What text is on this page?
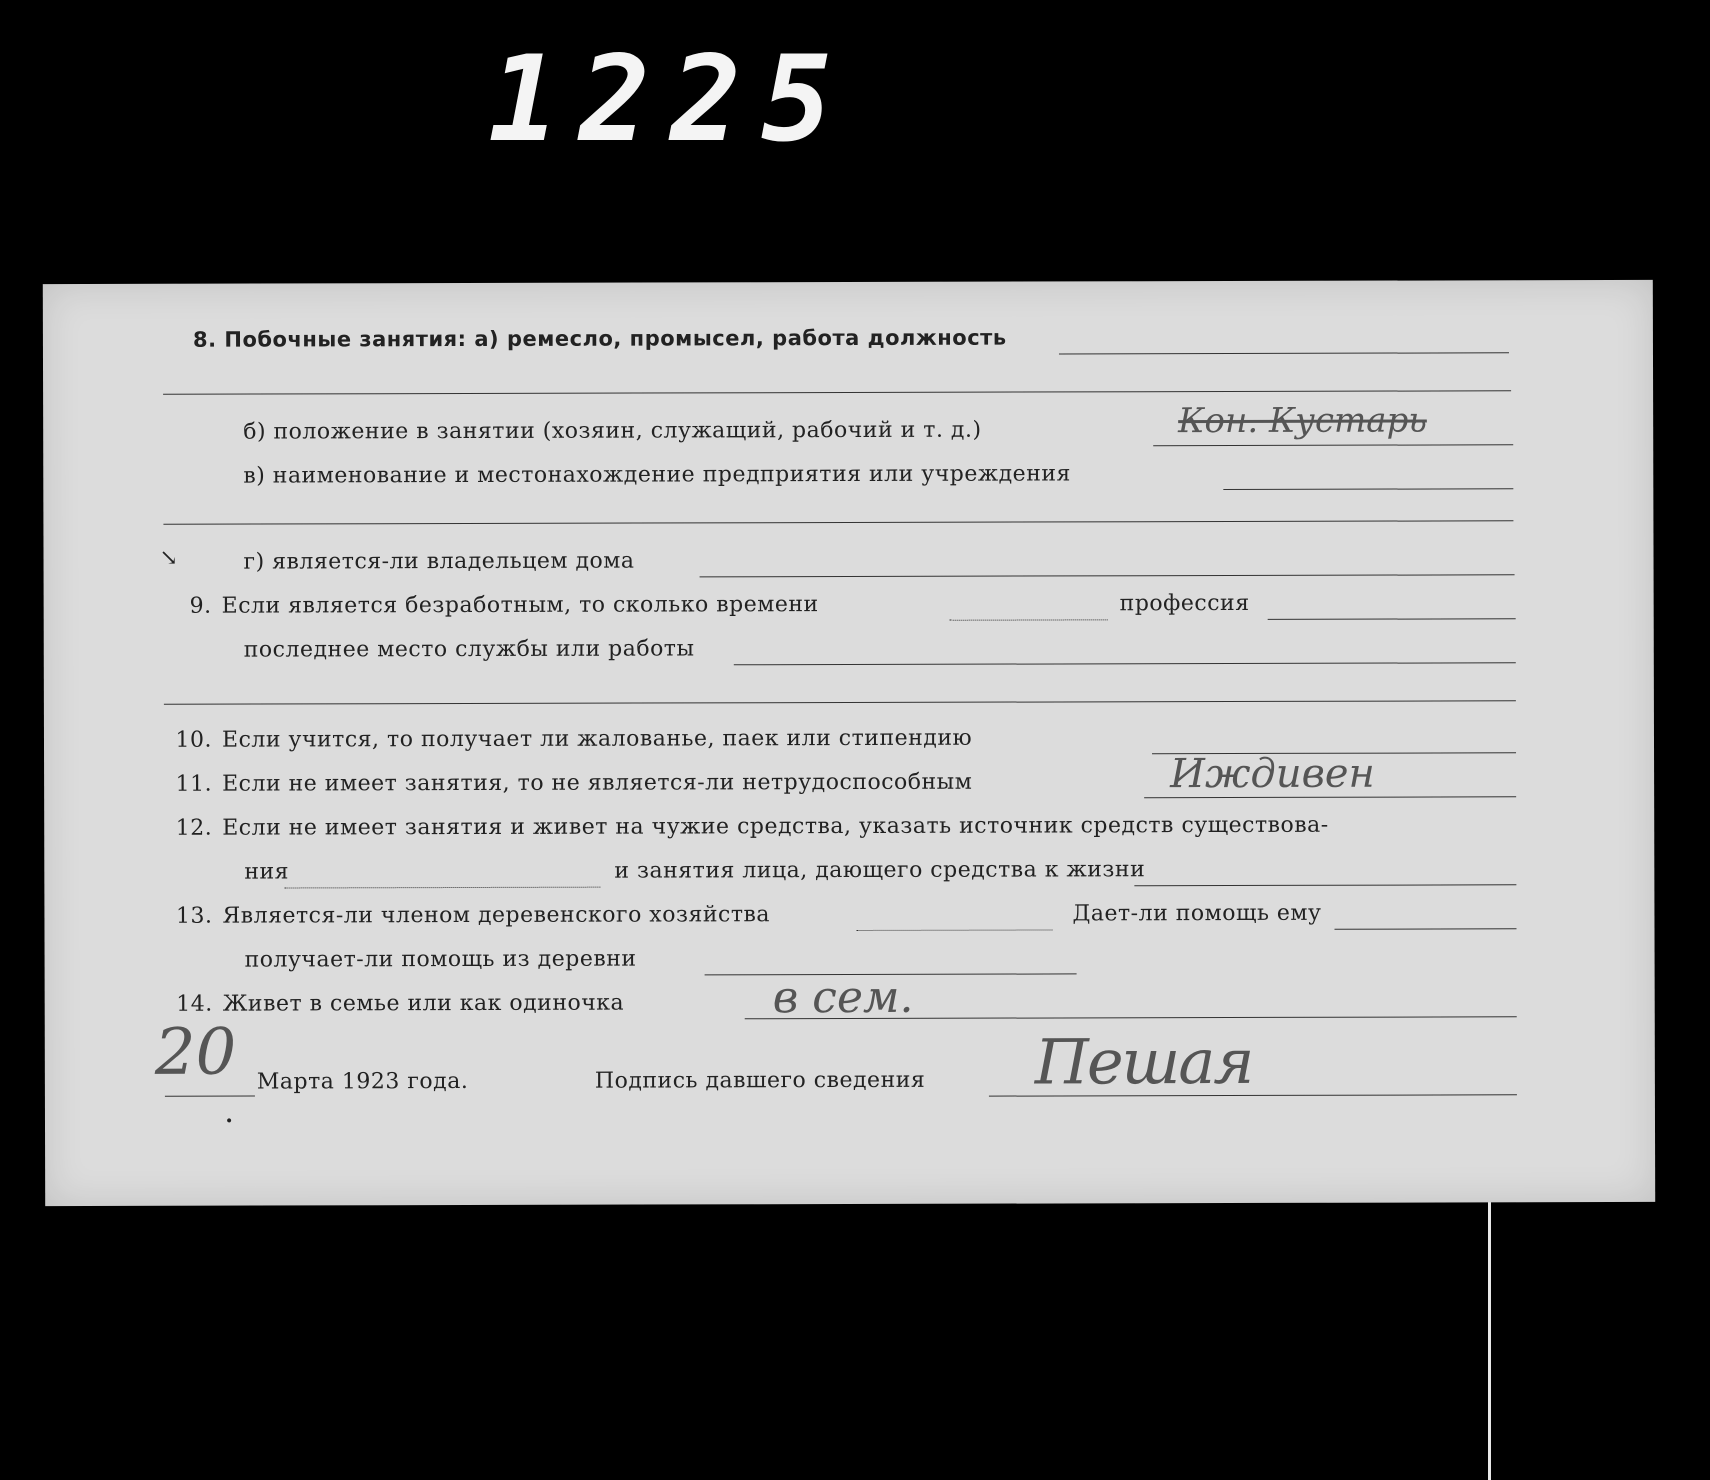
1225
8. Побочные занятия: а) ремесло, промысел, работа должность
б) положение в занятии (хозяин, служащий, рабочий и т. д.)	Кон. Кустарь
в) наименование и местонахождение предприятия или учреждения
↘	г) является-ли владельцем дома
9. Если является безработным, то сколько времени	профессия
последнее место службы или работы
10. Если учится, то получает ли жалованье, паек или стипендию
11. Если не имеет занятия, то не является-ли нетрудоспособным	Иждивен
12. Если не имеет занятия и живет на чужие средства, указать источник средств существова-
ния	и занятия лица, дающего средства к жизни
13. Является-ли членом деревенского хозяйства	Дает-ли помощь ему
получает-ли помощь из деревни
14. Живет в семье или как одиночка	в сем.
20 Марта 1923 года.	Подпись давшего сведения Пешая
•
